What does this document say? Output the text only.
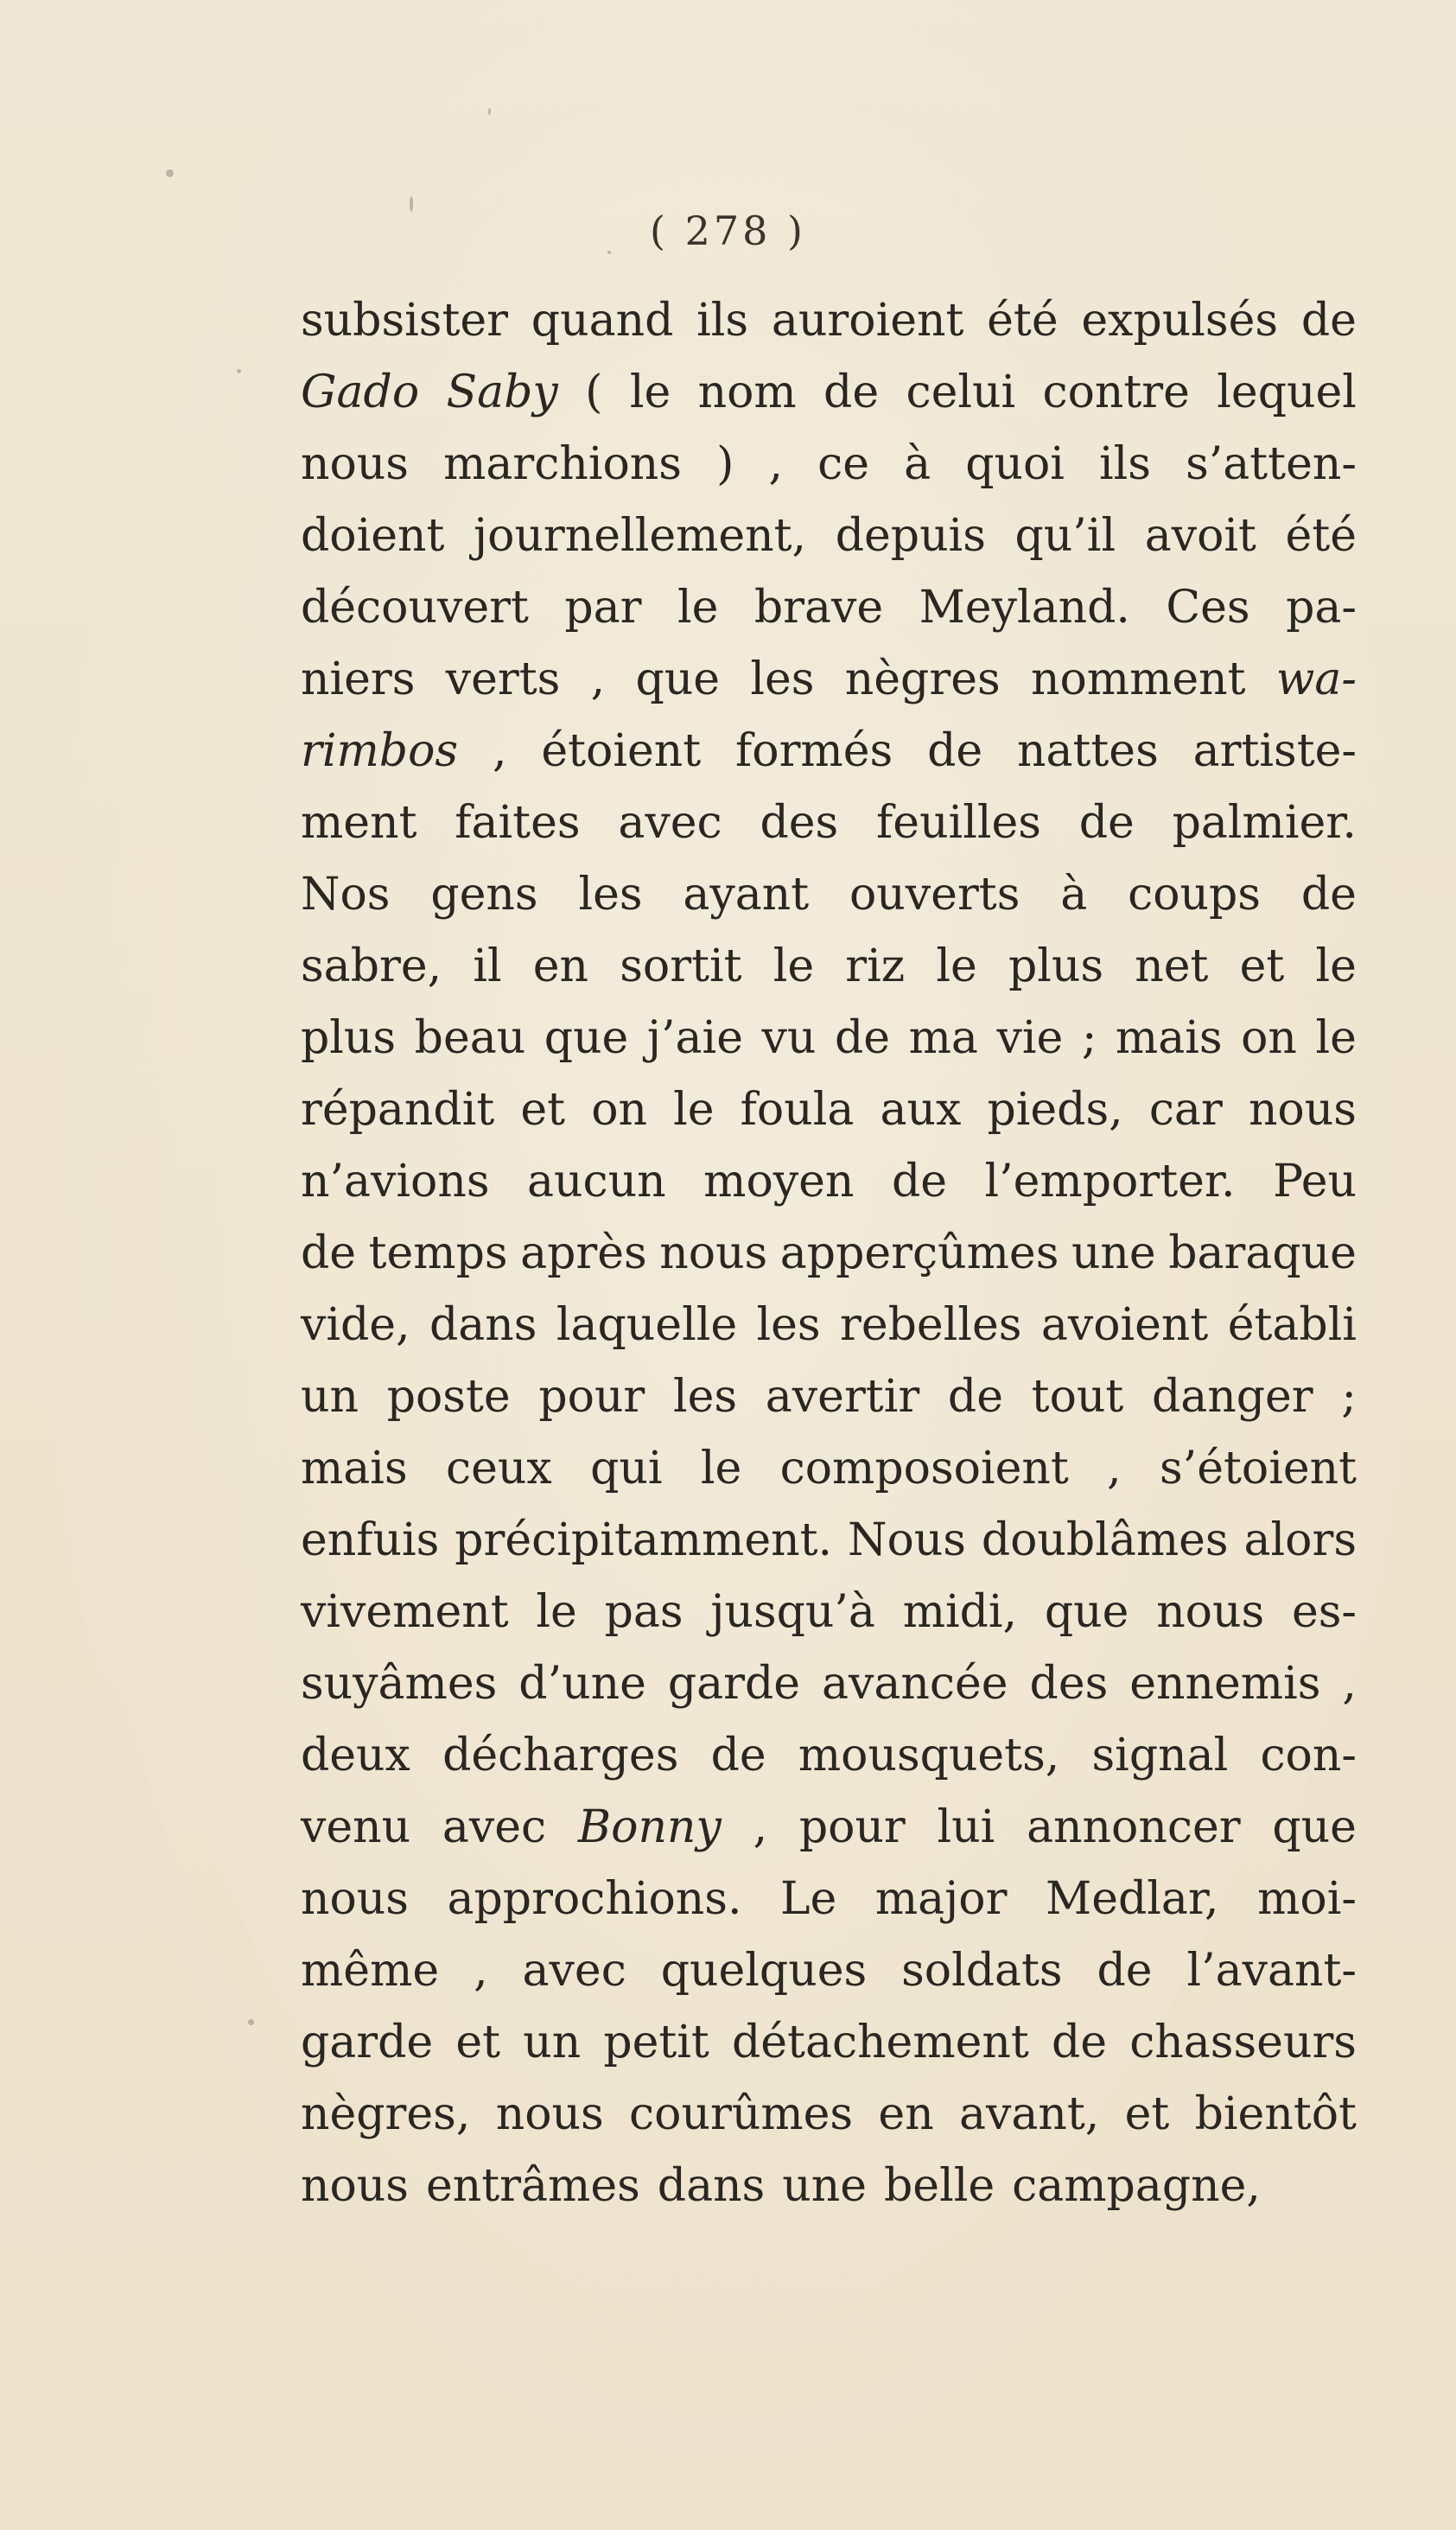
( 278 )
subsister quand ils auroient été expulsés de
Gado Saby ( le nom de celui contre lequel
nous marchions ) , ce à quoi ils s’atten-
doient journellement, depuis qu’il avoit été
découvert par le brave Meyland. Ces pa-
niers verts , que les nègres nomment wa-
rimbos , étoient formés de nattes artiste-
ment faites avec des feuilles de palmier.
Nos gens les ayant ouverts à coups de
sabre, il en sortit le riz le plus net et le
plus beau que j’aie vu de ma vie ; mais on le
répandit et on le foula aux pieds, car nous
n’avions aucun moyen de l’emporter. Peu
de temps après nous apperçûmes une baraque
vide, dans laquelle les rebelles avoient établi
un poste pour les avertir de tout danger ;
mais ceux qui le composoient , s’étoient
enfuis précipitamment. Nous doublâmes alors
vivement le pas jusqu’à midi, que nous es-
suyâmes d’une garde avancée des ennemis ,
deux décharges de mousquets, signal con-
venu avec Bonny , pour lui annoncer que
nous approchions. Le major Medlar, moi-
même , avec quelques soldats de l’avant-
garde et un petit détachement de chasseurs
nègres, nous courûmes en avant, et bientôt
nous entrâmes dans une belle campagne,
